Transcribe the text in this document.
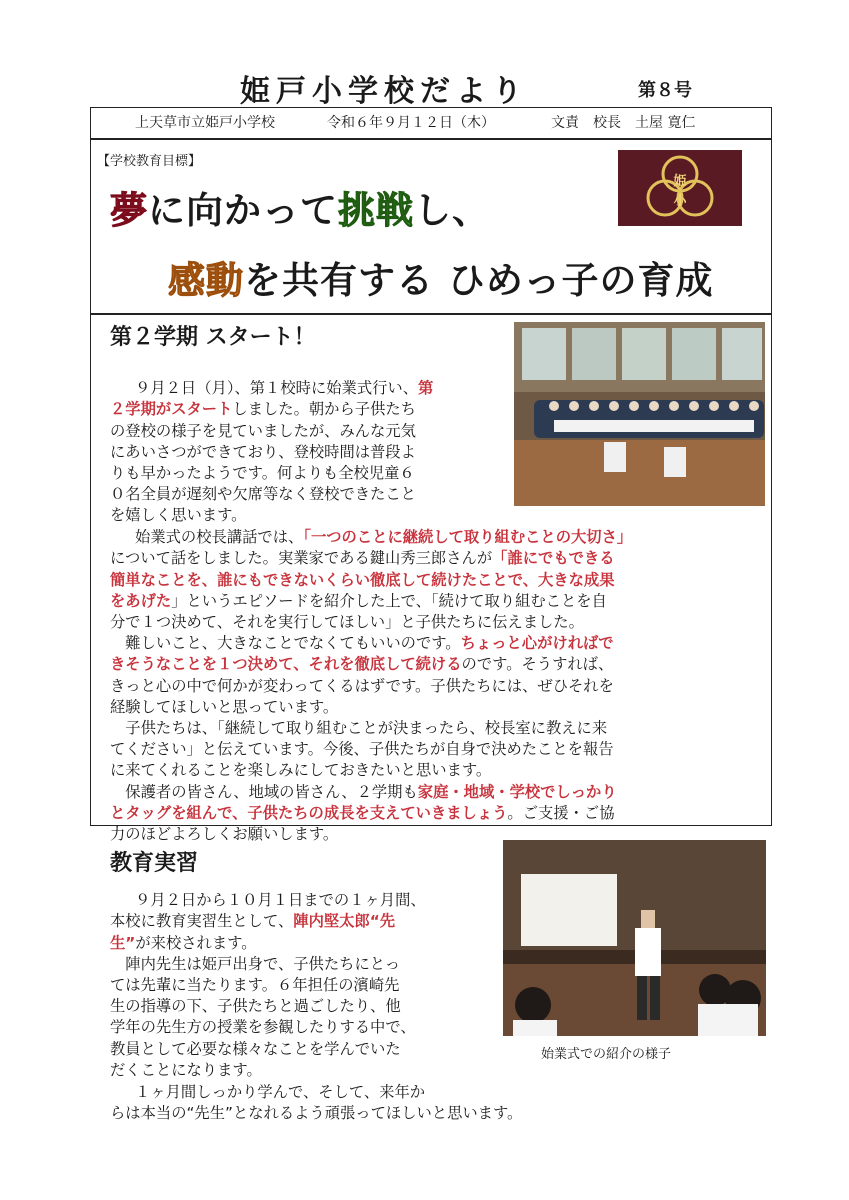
姫戸小学校だより	第８号
上天草市立姫戸小学校	令和６年９月１２日（木）	文責　校長　土屋 寛仁
【学校教育目標】
夢に向かって挑戦し、
感動を共有する ひめっ子の育成
姫
小
第２学期 スタート！

　９月２日（月）、第１校時に始業式行い、第
２学期がスタートしました。朝から子供たち
の登校の様子を見ていましたが、みんな元気
にあいさつができており、登校時間は普段よ
りも早かったようです。何よりも全校児童６
０名全員が遅刻や欠席等なく登校できたこと
を嬉しく思います。

　始業式の校長講話では、「一つのことに継続して取り組むことの大切さ」
について話をしました。実業家である鍵山秀三郎さんが「誰にでもできる
簡単なことを、誰にもできないくらい徹底して続けたことで、大きな成果
をあげた」というエピソードを紹介した上で、「続けて取り組むことを自
分で１つ決めて、それを実行してほしい」と子供たちに伝えました。
　難しいこと、大きなことでなくてもいいのです。ちょっと心がければで
きそうなことを１つ決めて、それを徹底して続けるのです。そうすれば、
きっと心の中で何かが変わってくるはずです。子供たちには、ぜひそれを
経験してほしいと思っています。
　子供たちは、「継続して取り組むことが決まったら、校長室に教えに来
てください」と伝えています。今後、子供たちが自身で決めたことを報告
に来てくれることを楽しみにしておきたいと思います。
　保護者の皆さん、地域の皆さん、２学期も家庭・地域・学校でしっかり
とタッグを組んで、子供たちの成長を支えていきましょう。ご支援・ご協
力のほどよろしくお願いします。

教育実習

　９月２日から１０月１日までの１ヶ月間、
本校に教育実習生として、陣内堅太郎“先
生”が来校されます。
　陣内先生は姫戸出身で、子供たちにとっ
ては先輩に当たります。６年担任の濱崎先
生の指導の下、子供たちと過ごしたり、他
学年の先生方の授業を参観したりする中で、
教員として必要な様々なことを学んでいた
だくことになります。

　１ヶ月間しっかり学んで、そして、来年か
らは本当の“先生”となれるよう頑張ってほしいと思います。

始業式での紹介の様子
